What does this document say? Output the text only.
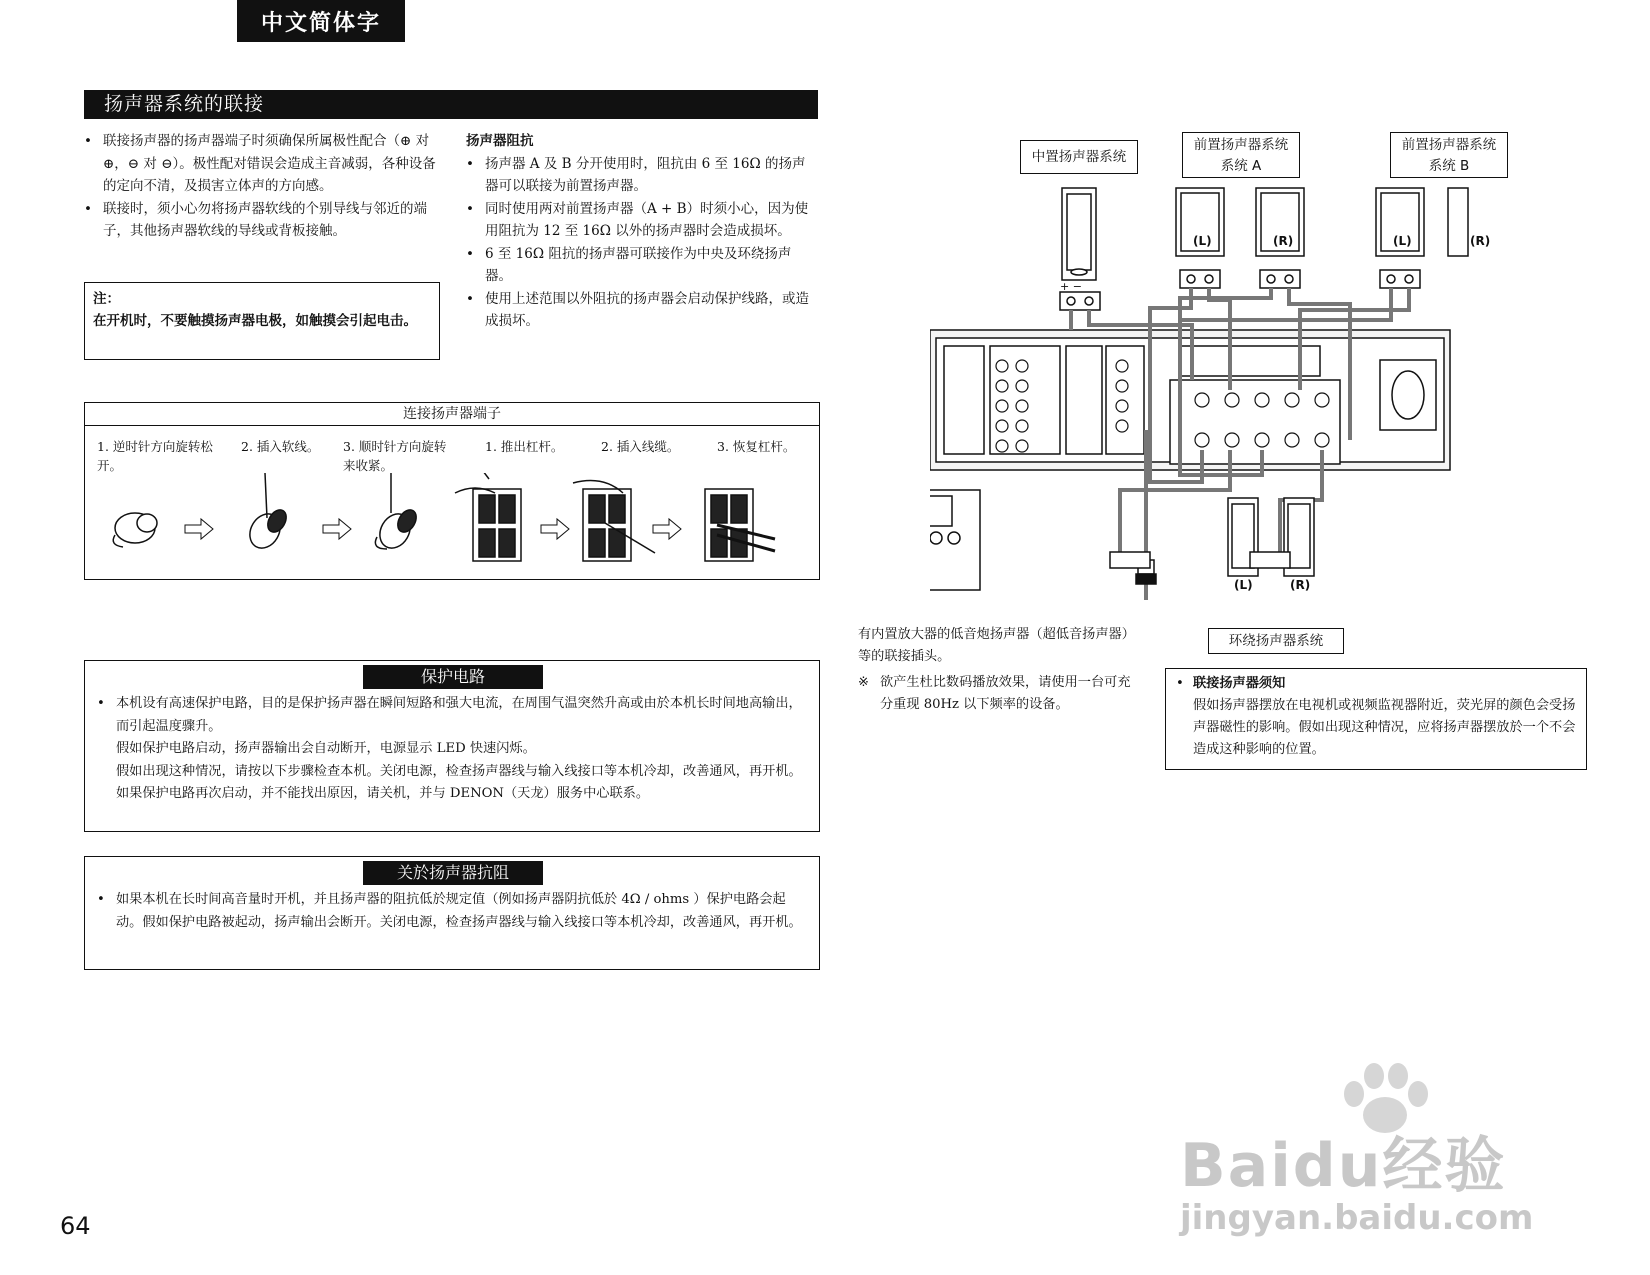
中文简体字
扬声器系统的联接
• 联接扬声器的扬声器端子时须确保所属极性配合（⊕ 对 ⊕，⊖ 对 ⊖）。极性配对错误会造成主音减弱，各种设备的定向不清，及损害立体声的方向感。
• 联接时，须小心勿将扬声器软线的个别导线与邻近的端子，其他扬声器软线的导线或背板接触。
注：
在开机时，不要触摸扬声器电极，如触摸会引起电击。
扬声器阻抗
• 扬声器 A 及 B 分开使用时，阻抗由 6 至 16Ω 的扬声器可以联接为前置扬声器。
• 同时使用两对前置扬声器（A + B）时须小心，因为使用阻抗为 12 至 16Ω 以外的扬声器时会造成损坏。
• 6 至 16Ω 阻抗的扬声器可联接作为中央及环绕扬声器。
• 使用上述范围以外阻抗的扬声器会启动保护线路，或造成损坏。
连接扬声器端子
1. 逆时针方向旋转松开。
2. 插入软线。	3. 顺时针方向旋转来收紧。
1. 推出杠杆。	2. 插入线缆。	3. 恢复杠杆。
保护电路
• 本机设有高速保护电路，目的是保护扬声器在瞬间短路和强大电流，在周围气温突然升高或由於本机长时间地高输出，而引起温度骤升。
假如保护电路启动，扬声器输出会自动断开，电源显示 LED 快速闪烁。
假如出现这种情况，请按以下步骤检查本机。关闭电源，检查扬声器线与输入线接口等本机冷却，改善通风，再开机。
如果保护电路再次启动，并不能找出原因，请关机，并与 DENON（天龙）服务中心联系。
关於扬声器抗阻
• 如果本机在长时间高音量时开机，并且扬声器的阻抗低於规定值（例如扬声器阴抗低於 4Ω / ohms ）保护电路会起动。假如保护电路被起动，扬声输出会断开。关闭电源，检查扬声器线与输入线接口等本机冷却，改善通风，再开机。
中置扬声器系统
前置扬声器系统
系统 A
前置扬声器系统
系统 B
(L)	(R)	(L)	(R)
(L)	(R)
+ −
环绕扬声器系统
有内置放大器的低音炮扬声器（超低音扬声器）等的联接插头。
※ 欲产生杜比数码播放效果，请使用一台可充分重现 80Hz 以下频率的设备。
• 联接扬声器须知
假如扬声器摆放在电视机或视频监视器附近，荧光屏的颜色会受扬声器磁性的影响。假如出现这种情况，应将扬声器摆放於一个不会造成这种影响的位置。
64
Baidu经验
jingyan.baidu.com
